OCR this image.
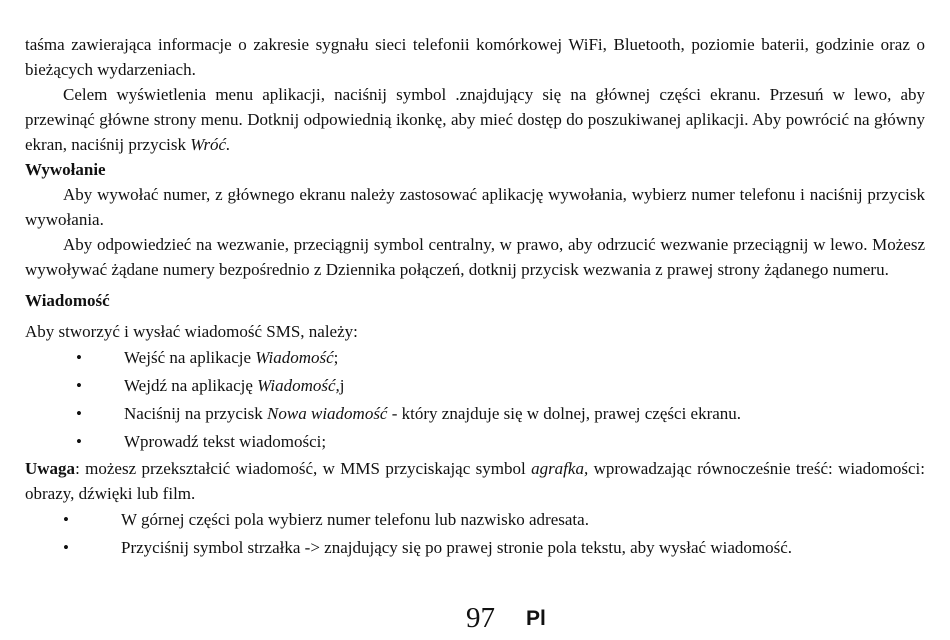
taśma zawierająca informacje o zakresie sygnału sieci telefonii komórkowej WiFi, Bluetooth, poziomie baterii, godzinie oraz o bieżących wydarzeniach.

Celem wyświetlenia menu aplikacji, naciśnij symbol .znajdujący się na głównej części ekranu. Przesuń w lewo, aby przewinąć główne strony menu. Dotknij odpowiednią ikonkę, aby mieć dostęp do poszukiwanej aplikacji. Aby powrócić na główny ekran, naciśnij przycisk Wróć.

Wywołanie

Aby wywołać numer, z głównego ekranu należy zastosować aplikację wywołania, wybierz numer telefonu i naciśnij przycisk wywołania.

Aby odpowiedzieć na wezwanie, przeciągnij symbol centralny, w prawo, aby odrzucić wezwanie przeciągnij w lewo. Możesz wywoływać żądane numery bezpośrednio z Dziennika połączeń, dotknij przycisk wezwania z prawej strony żądanego numeru.

Wiadomość

Aby stworzyć i wysłać wiadomość SMS, należy:

• Wejść na aplikacje Wiadomość;
• Wejdź na aplikację Wiadomość,j
• Naciśnij na przycisk Nowa wiadomość - który znajduje się w dolnej, prawej części ekranu.
• Wprowadź tekst wiadomości;

Uwaga: możesz przekształcić wiadomość, w MMS przyciskając symbol agrafka, wprowadzając równocześnie treść: wiadomości: obrazy, dźwięki lub film.

•	W górnej części pola wybierz numer telefonu lub nazwisko adresata.
•	Przyciśnij symbol strzałka -> znajdujący się po prawej stronie pola tekstu, aby wysłać wiadomość.
97 Pl
